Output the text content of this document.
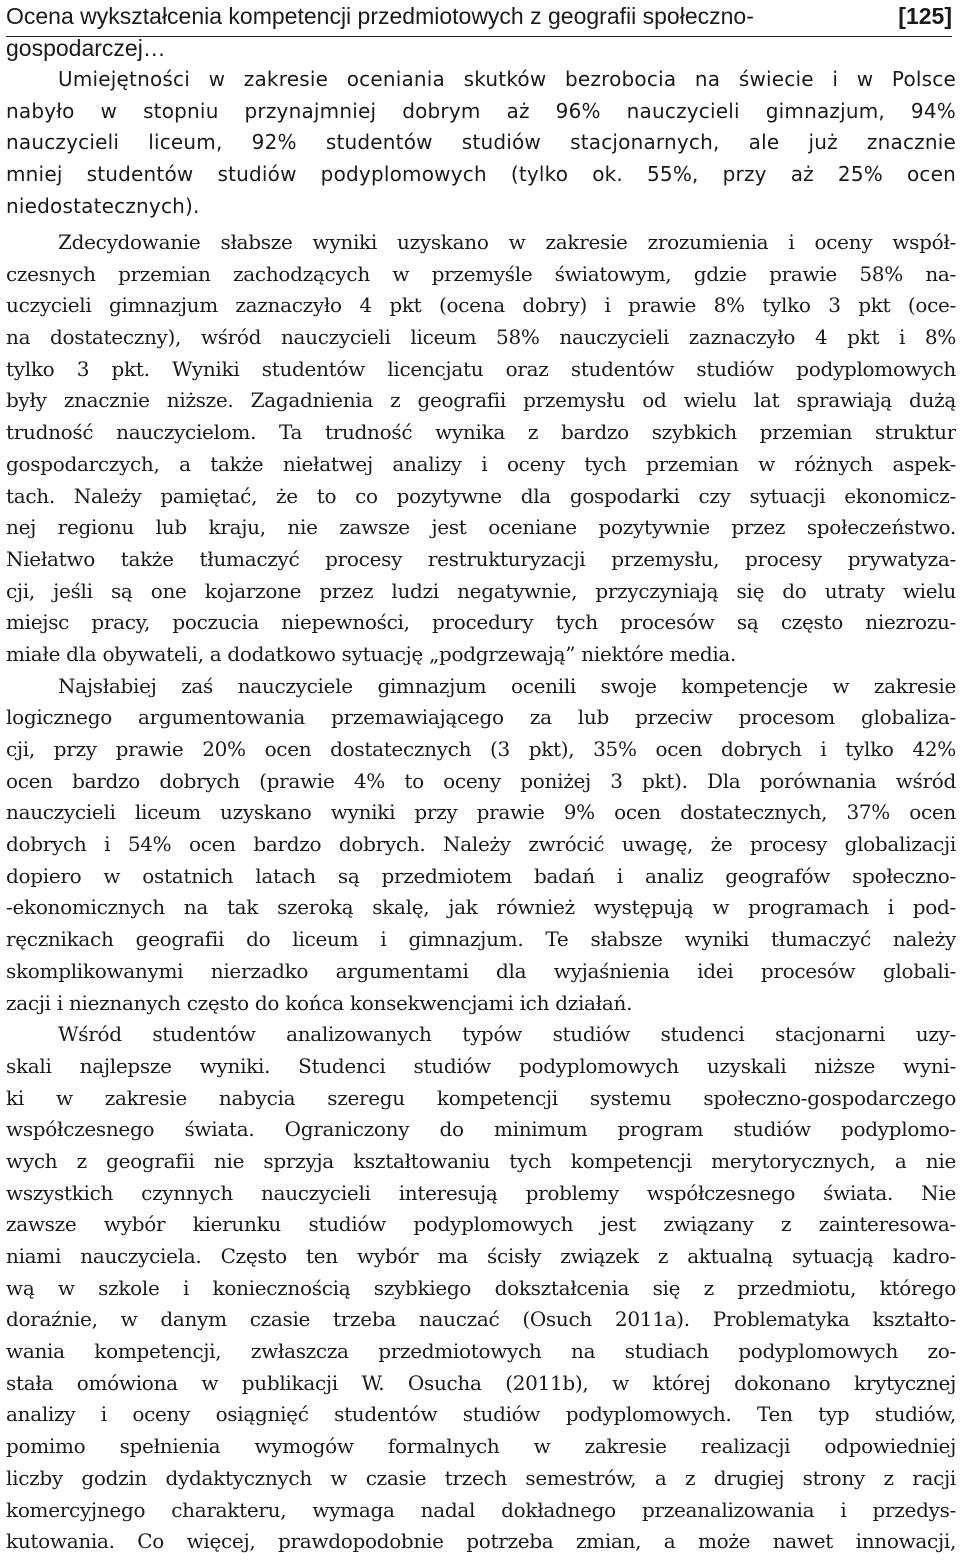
Ocena wykształcenia kompetencji przedmiotowych z geografii społeczno-gospodarczej…
[125]
Umiejętności w zakresie oceniania skutków bezrobocia na świecie i w Polsce
nabyło w stopniu przynajmniej dobrym aż 96% nauczycieli gimnazjum, 94%
nauczycieli liceum, 92% studentów studiów stacjonarnych, ale już znacznie
mniej studentów studiów podyplomowych (tylko ok. 55%, przy aż 25% ocen
niedostatecznych).
Zdecydowanie słabsze wyniki uzyskano w zakresie zrozumienia i oceny współ-
czesnych przemian zachodzących w przemyśle światowym, gdzie prawie 58% na-
uczycieli gimnazjum zaznaczyło 4 pkt (ocena dobry) i prawie 8% tylko 3 pkt (oce-
na dostateczny), wśród nauczycieli liceum 58% nauczycieli zaznaczyło 4 pkt i 8%
tylko 3 pkt. Wyniki studentów licencjatu oraz studentów studiów podyplomowych
były znacznie niższe. Zagadnienia z geografii przemysłu od wielu lat sprawiają dużą
trudność nauczycielom. Ta trudność wynika z bardzo szybkich przemian struktur
gospodarczych, a także niełatwej analizy i oceny tych przemian w różnych aspek-
tach. Należy pamiętać, że to co pozytywne dla gospodarki czy sytuacji ekonomicz-
nej regionu lub kraju, nie zawsze jest oceniane pozytywnie przez społeczeństwo.
Niełatwo także tłumaczyć procesy restrukturyzacji przemysłu, procesy prywatyza-
cji, jeśli są one kojarzone przez ludzi negatywnie, przyczyniają się do utraty wielu
miejsc pracy, poczucia niepewności, procedury tych procesów są często niezrozu-
miałe dla obywateli, a dodatkowo sytuację „podgrzewają” niektóre media.
Najsłabiej zaś nauczyciele gimnazjum ocenili swoje kompetencje w zakresie
logicznego argumentowania przemawiającego za lub przeciw procesom globaliza-
cji, przy prawie 20% ocen dostatecznych (3 pkt), 35% ocen dobrych i tylko 42%
ocen bardzo dobrych (prawie 4% to oceny poniżej 3 pkt). Dla porównania wśród
nauczycieli liceum uzyskano wyniki przy prawie 9% ocen dostatecznych, 37% ocen
dobrych i 54% ocen bardzo dobrych. Należy zwrócić uwagę, że procesy globalizacji
dopiero w ostatnich latach są przedmiotem badań i analiz geografów społeczno-
-ekonomicznych na tak szeroką skalę, jak również występują w programach i pod-
ręcznikach geografii do liceum i gimnazjum. Te słabsze wyniki tłumaczyć należy
skomplikowanymi nierzadko argumentami dla wyjaśnienia idei procesów globali-
zacji i nieznanych często do końca konsekwencjami ich działań.
Wśród studentów analizowanych typów studiów studenci stacjonarni uzy-
skali najlepsze wyniki. Studenci studiów podyplomowych uzyskali niższe wyni-
ki w zakresie nabycia szeregu kompetencji systemu społeczno-gospodarczego
współczesnego świata. Ograniczony do minimum program studiów podyplomo-
wych z geografii nie sprzyja kształtowaniu tych kompetencji merytorycznych, a nie
wszystkich czynnych nauczycieli interesują problemy współczesnego świata. Nie
zawsze wybór kierunku studiów podyplomowych jest związany z zainteresowa-
niami nauczyciela. Często ten wybór ma ścisły związek z aktualną sytuacją kadro-
wą w szkole i koniecznością szybkiego dokształcenia się z przedmiotu, którego
doraźnie, w danym czasie trzeba nauczać (Osuch 2011a). Problematyka kształto-
wania kompetencji, zwłaszcza przedmiotowych na studiach podyplomowych zo-
stała omówiona w publikacji W. Osucha (2011b), w której dokonano krytycznej
analizy i oceny osiągnięć studentów studiów podyplomowych. Ten typ studiów,
pomimo spełnienia wymogów formalnych w zakresie realizacji odpowiedniej
liczby godzin dydaktycznych w czasie trzech semestrów, a z drugiej strony z racji
komercyjnego charakteru, wymaga nadal dokładnego przeanalizowania i przedys-
kutowania. Co więcej, prawdopodobnie potrzeba zmian, a może nawet innowacji,
